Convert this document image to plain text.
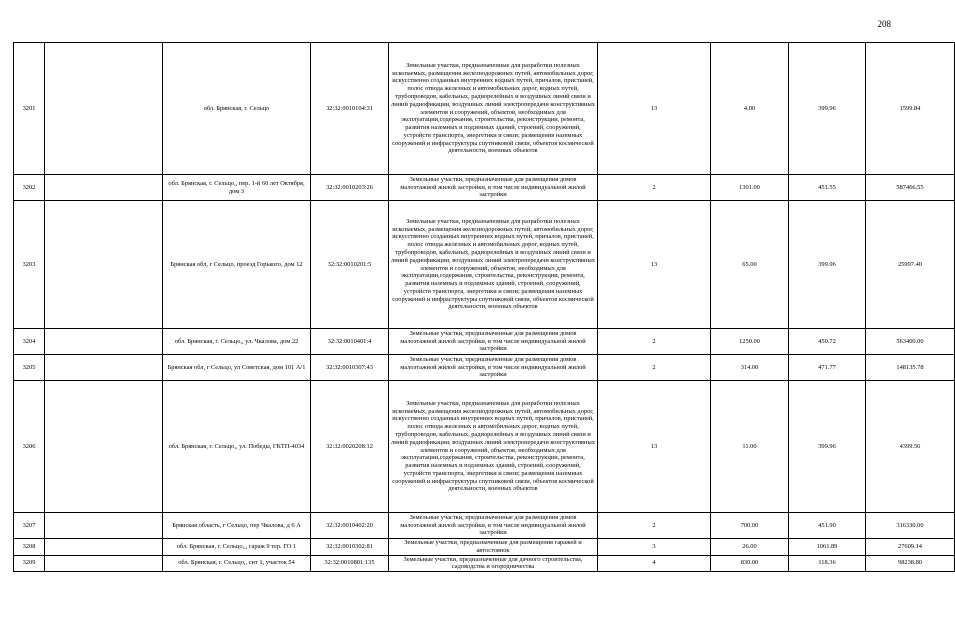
208
3201		обл. Брянская, г. Сельцо	32:32:0010104:31	Земельные участки, предназначенные для разработки полезных ископаемых, размещения железнодорожных путей, автомобильных дорог, искусственно созданных внутренних водных путей, причалов, пристаней, полос отвода железных и автомобильных дорог, водных путей, трубопроводов, кабельных, радиорелейных и воздушных линий связи и линий радиофикации, воздушных линий электропередачи конструктивных элементов и сооружений, объектов, необходимых для эксплуатации,содержания, строительства, реконструкции, ремонта, развития наземных и подземных зданий, строений, сооружений, устройств транспорта, энергетики и связи; размещения наземных сооружений и инфраструктуры спутниковой связи, объектов космической деятельности, военных объектов	13	4.00	399.96	1599.84
3202		обл. Брянская, г. Сельцо,, пер. 1-й 60 лет Октября, дом 3	32:32:0010203:26	Земельные участки, предназначенные для размещения домов малоэтажной жилой застройки, в том числе индивидуальной жилой застройки	2	1301.00	451.55	587466.55
3203		Брянская обл, г Сельцо, проезд Горького, дом 12	32:32:0010201:5	Земельные участки, предназначенные для разработки полезных ископаемых, размещения железнодорожных путей, автомобильных дорог, искусственно созданных внутренних водных путей, причалов, пристаней, полос отвода железных и автомобильных дорог, водных путей, трубопроводов, кабельных, радиорелейных и воздушных линий связи и линий радиофикации, воздушных линий электропередачи конструктивных элементов и сооружений, объектов, необходимых для эксплуатации,содержания, строительства, реконструкции, ремонта, развития наземных и подземных зданий, строений, сооружений, устройств транспорта, энергетики и связи; размещения наземных сооружений и инфраструктуры спутниковой связи, объектов космической деятельности, военных объектов	13	65.00	399.96	25997.40
3204		обл. Брянская, г. Сельцо,, ул. Чкалова, дом 22	32:32:0010401:4	Земельные участки, предназначенные для размещения домов малоэтажной жилой застройки, в том числе индивидуальной жилой застройки	2	1250.00	450.72	563400.00
3205		Брянская обл, г Сельцо, ул Советская, дом 101 А/1	32:32:0010307:43	Земельные участки, предназначенные для размещения домов малоэтажной жилой застройки, в том числе индивидуальной жилой застройки	2	314.00	471.77	148135.78
3206		обл. Брянская, г. Сельцо,, ул. Победы, ГКТП-4034	32:32:0020208:12	Земельные участки, предназначенные для разработки полезных ископаемых, размещения железнодорожных путей, автомобильных дорог, искусственно созданных внутренних водных путей, причалов, пристаней, полос отвода железных и автомобильных дорог, водных путей, трубопроводов, кабельных, радиорелейных и воздушных линий связи и линий радиофикации, воздушных линий электропередачи конструктивных элементов и сооружений, объектов, необходимых для эксплуатации,содержания, строительства, реконструкции, ремонта, развития наземных и подземных зданий, строений, сооружений, устройств транспорта, энергетики и связи; размещения наземных сооружений и инфраструктуры спутниковой связи, объектов космической деятельности, военных объектов	13	11.00	399.96	4399.56
3207		Брянская область, г Сельцо, пер Чкалова, д 6 А	32:32:0010402:20	Земельные участки, предназначенные для размещения домов малоэтажной жилой застройки, в том числе индивидуальной жилой застройки	2	700.00	451.90	316330.00
3208		обл. Брянская, г. Сельцо,,, гараж 9 тер. ГО 1	32:32:0010302:81	Земельные участки, предназначенные для размещения гаражей и автостоянок	3	26.00	1061.89	27609.14
3209		обл. Брянская, г. Сельцо,, снт 1, участок 54	32:32:0010801:135	Земельные участки, предназначенные для дачного строительства, садоводства и огородничества	4	830.00	118.36	98238.80
